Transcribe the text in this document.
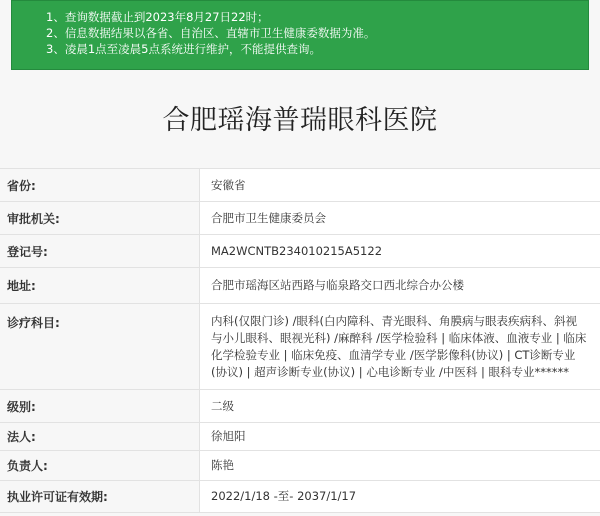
1、查询数据截止到2023年8月27日22时；
2、信息数据结果以各省、自治区、直辖市卫生健康委数据为准。
3、凌晨1点至凌晨5点系统进行维护，不能提供查询。
合肥瑶海普瑞眼科医院
省份:	安徽省
审批机关:	合肥市卫生健康委员会
登记号:	MA2WCNTB234010215A5122
地址:	合肥市瑶海区站西路与临泉路交口西北综合办公楼
诊疗科目:	内科(仅限门诊) /眼科(白内障科、青光眼科、角膜病与眼表疾病科、斜视与小儿眼科、眼视光科) /麻醉科 /医学检验科 | 临床体液、血液专业 | 临床化学检验专业 | 临床免疫、血清学专业 /医学影像科(协议) | CT诊断专业(协议) | 超声诊断专业(协议) | 心电诊断专业 /中医科 | 眼科专业******
级别:	二级
法人:	徐旭阳
负责人:	陈艳
执业许可证有效期:	2022/1/18 -至- 2037/1/17
